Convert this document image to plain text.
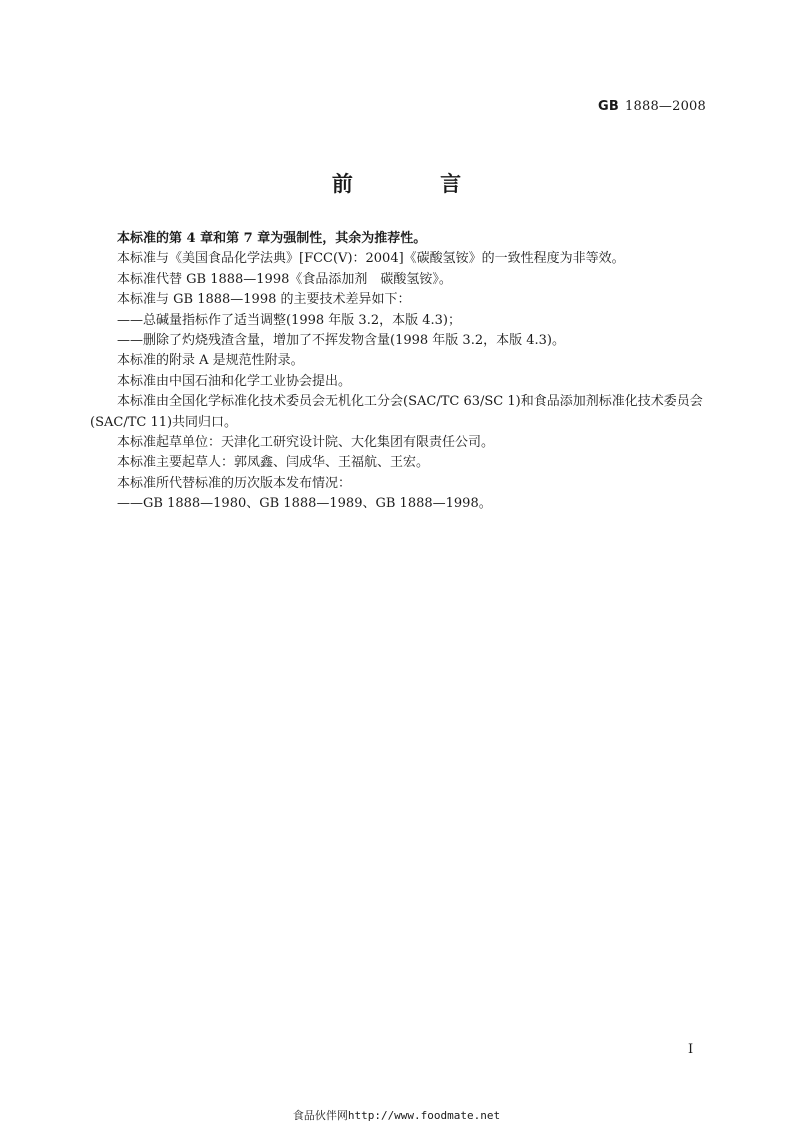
GB 1888—2008
前 言

本标准的第 4 章和第 7 章为强制性，其余为推荐性。

本标准与《美国食品化学法典》[FCC(Ⅴ)：2004]《碳酸氢铵》的一致性程度为非等效。

本标准代替 GB 1888—1998《食品添加剂　碳酸氢铵》。

本标准与 GB 1888—1998 的主要技术差异如下：

——总碱量指标作了适当调整(1998 年版 3.2，本版 4.3)；

——删除了灼烧残渣含量，增加了不挥发物含量(1998 年版 3.2，本版 4.3)。

本标准的附录 A 是规范性附录。

本标准由中国石油和化学工业协会提出。

本标准由全国化学标准化技术委员会无机化工分会(SAC/TC 63/SC 1)和食品添加剂标准化技术委员会(SAC/TC 11)共同归口。

本标准起草单位：天津化工研究设计院、大化集团有限责任公司。

本标准主要起草人：郭凤鑫、闫成华、王福航、王宏。

本标准所代替标准的历次版本发布情况：

——GB 1888—1980、GB 1888—1989、GB 1888—1998。

Ⅰ
食品伙伴网http://www.foodmate.net
